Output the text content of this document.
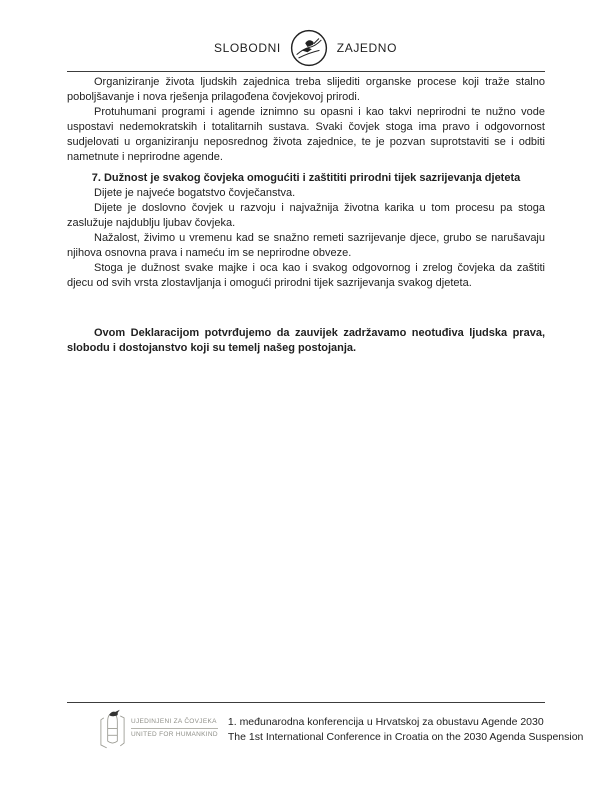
SLOBODNI	ZAJEDNO

Organiziranje života ljudskih zajednica treba slijediti organske procese koji traže stalno poboljšavanje i nova rješenja prilagođena čovjekovoj prirodi.

Protuhumani programi i agende iznimno su opasni i kao takvi neprirodni te nužno vode uspostavi nedemokratskih i totalitarnih sustava. Svaki čovjek stoga ima pravo i odgovornost sudjelovati u organiziranju neposrednog života zajednice, te je pozvan suprotstaviti se i odbiti nametnute i neprirodne agende.

7. Dužnost je svakog čovjeka omogućiti i zaštititi prirodni tijek sazrijevanja djeteta

Dijete je najveće bogatstvo čovječanstva.

Dijete je doslovno čovjek u razvoju i najvažnija životna karika u tom procesu pa stoga zaslužuje najdublju ljubav čovjeka.

Nažalost, živimo u vremenu kad se snažno remeti sazrijevanje djece, grubo se narušavaju njihova osnovna prava i nameću im se neprirodne obveze.

Stoga je dužnost svake majke i oca kao i svakog odgovornog i zrelog čovjeka da zaštiti djecu od svih vrsta zlostavljanja i omogući prirodni tijek sazrijevanja svakog djeteta.

Ovom Deklaracijom potvrđujemo da zauvijek zadržavamo neotuđiva ljudska prava, slobodu i dostojanstvo koji su temelj našeg postojanja.

UJEDINJENI ZA ČOVJEKA
UNITED FOR HUMANKIND
1. međunarodna konferencija u Hrvatskoj za obustavu Agende 2030
The 1st International Conference in Croatia on the 2030 Agenda Suspension
